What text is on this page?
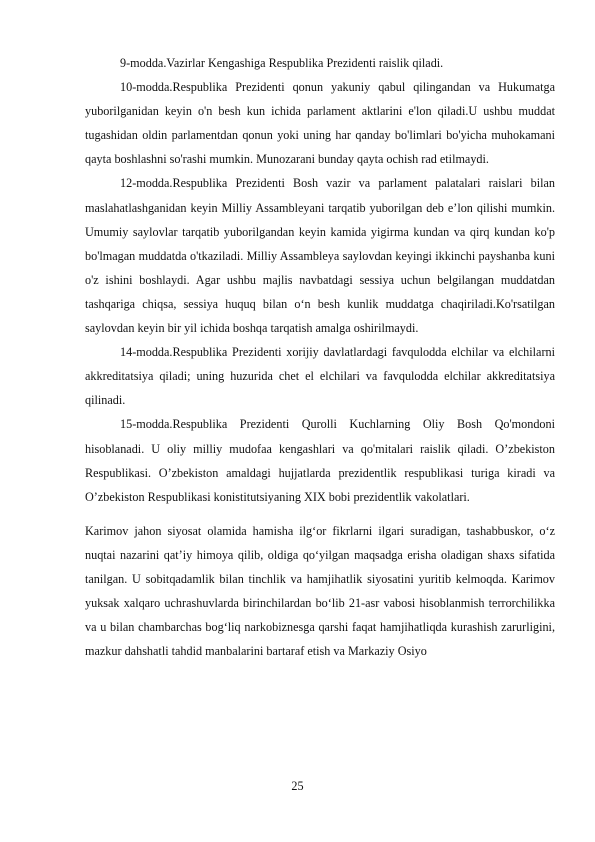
9-modda.Vazirlar Kengashiga Respublika Prezidenti raislik qiladi.

10-modda.Respublika Prezidenti qonun yakuniy qabul qilingandan va Hukumatga yuborilganidan keyin o'n besh kun ichida parlament aktlarini e'lon qiladi.U ushbu muddat tugashidan oldin parlamentdan qonun yoki uning har qanday bo'limlari bo'yicha muhokamani qayta boshlashni so'rashi mumkin. Munozarani bunday qayta ochish rad etilmaydi.

12-modda.Respublika Prezidenti Bosh vazir va parlament palatalari raislari bilan maslahatlashganidan keyin Milliy Assambleyani tarqatib yuborilgan deb e’lon qilishi mumkin. Umumiy saylovlar tarqatib yuborilgandan keyin kamida yigirma kundan va qirq kundan ko'p bo'lmagan muddatda o'tkaziladi. Milliy Assambleya saylovdan keyingi ikkinchi payshanba kuni o'z ishini boshlaydi. Agar ushbu majlis navbatdagi sessiya uchun belgilangan muddatdan tashqariga chiqsa, sessiya huquq bilan o‘n besh kunlik muddatga chaqiriladi.Ko'rsatilgan saylovdan keyin bir yil ichida boshqa tarqatish amalga oshirilmaydi.

14-modda.Respublika Prezidenti xorijiy davlatlardagi favqulodda elchilar va elchilarni akkreditatsiya qiladi; uning huzurida chet el elchilari va favqulodda elchilar akkreditatsiya qilinadi.

15-modda.Respublika Prezidenti Qurolli Kuchlarning Oliy Bosh Qo'mondoni hisoblanadi. U oliy milliy mudofaa kengashlari va qo'mitalari raislik qiladi. O’zbekiston Respublikasi. O’zbekiston amaldagi hujjatlarda prezidentlik respublikasi turiga kiradi va O’zbekiston Respublikasi konistitutsiyaning XIX bobi prezidentlik vakolatlari.

Karimov jahon siyosat olamida hamisha ilg‘or fikrlarni ilgari suradigan, tashabbuskor, o‘z nuqtai nazarini qat’iy himoya qilib, oldiga qo‘yilgan maqsadga erisha oladigan shaxs sifatida tanilgan. U sobitqadamlik bilan tinchlik va hamjihatlik siyosatini yuritib kelmoqda. Karimov yuksak xalqaro uchrashuvlarda birinchilardan bo‘lib 21-asr vabosi hisoblanmish terrorchilikka va u bilan chambarchas bog‘liq narkobiznesga qarshi faqat hamjihatliqda kurashish zarurligini, mazkur dahshatli tahdid manbalarini bartaraf etish va Markaziy Osiyo

25
